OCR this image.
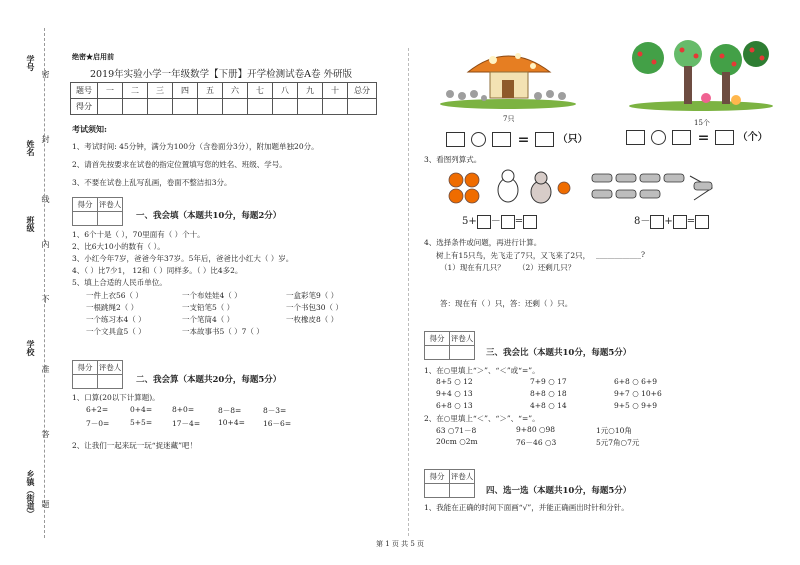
学号
姓名
班级
学校
乡镇（街道）
密
封
线
内
不
准
答
题
绝密★启用前
2019年实验小学一年级数学【下册】开学检测试卷A卷 外研版
题号	一	二	三	四	五	六	七	八	九	十	总分
得分											
考试须知:
1、考试时间: 45分钟，满分为100分（含卷面分3分），附加题单独20分。
2、请首先按要求在试卷的指定位置填写您的姓名、班级、学号。
3、不要在试卷上乱写乱画，卷面不整洁扣3分。
得分	评卷人

一、我会填（本题共10分，每题2分）
1、6个十是（ ），70里面有（ ）个十。
2、比6大10小的数有（ ）。
3、小红今年7岁，爸爸今年37岁。5年后，爸爸比小红大（ ）岁。
4、（ ）比7少1， 12和（ ）同样多。（ ）比4多2。
5、填上合适的人民币单位。
一件上衣56（ ）	一个布娃娃4（ ）	一盒彩笔9（ ）
一根跳绳2（ ）	一支铅笔5（ ）	一个书包30（ ）
一个练习本4（ ）	一个笔筒4（ ）	一枚橡皮8（ ）
一个文具盒5（ ）	一本故事书5（ ）7（ ）
得分	评卷人

二、我会算（本题共20分，每题5分）
1、口算(20以下计算题)。
6+2=	0+4=	8+0=	8－8=	8－3=
7－0=	5+5=	17－4= 10+4= 16－6=
2、让我们一起来玩一玩“捉迷藏”吧！
7只	15个
=	（只）	=	（个）
3、看图列算式。
5+ － =	8－ + =
4、选择条件或问题，再进行计算。
树上有15只鸟，先飞走了7只，又飞来了2只， ____________?
（1）现在有几只？ （2）还剩几只？
答：现在有（ ）只，答：还剩（ ）只。
得分	评卷人

三、我会比（本题共10分，每题5分）
1、在○里填上“＞”、“＜”或“=”。
8+5 ○ 12	7+9 ○ 17	6+8 ○ 6+9
9+4 ○ 13	8+8 ○ 18	9+7 ○ 10+6
6+8 ○ 13	4+8 ○ 14	9+5 ○ 9+9
2、在○里填上“＜”、“＞”、“=”。
63 ○71－8	9+80 ○98	1元○10角
20cm ○2m	76－46 ○3	5元7角○7元
得分	评卷人

四、选一选（本题共10分，每题5分）
1、我能在正确的时间下面画“√”，并能正确画出时针和分针。
第 1 页 共 5 页
